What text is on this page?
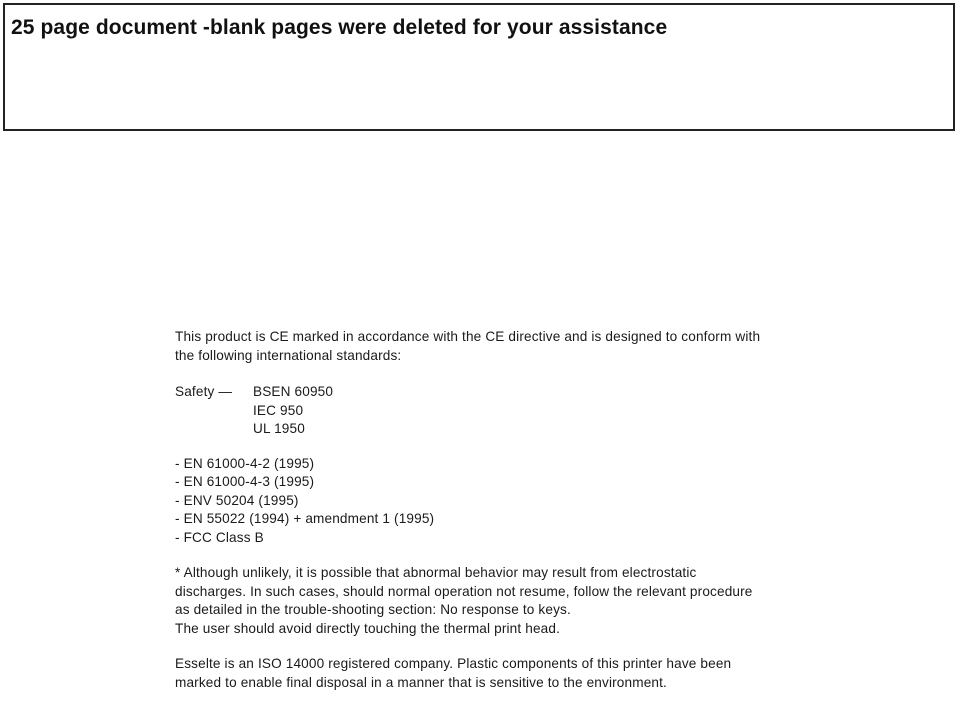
25 page document -blank pages were deleted for your assistance
This product is CE marked in accordance with the CE directive and is designed to conform with
the following international standards:
Safety — BSEN 60950
IEC 950
UL 1950
- EN 61000-4-2 (1995)
- EN 61000-4-3 (1995)
- ENV 50204 (1995)
- EN 55022 (1994) + amendment 1 (1995)
- FCC Class B
* Although unlikely, it is possible that abnormal behavior may result from electrostatic
discharges. In such cases, should normal operation not resume, follow the relevant procedure
as detailed in the trouble-shooting section: No response to keys.
The user should avoid directly touching the thermal print head.
Esselte is an ISO 14000 registered company. Plastic components of this printer have been
marked to enable final disposal in a manner that is sensitive to the environment.
